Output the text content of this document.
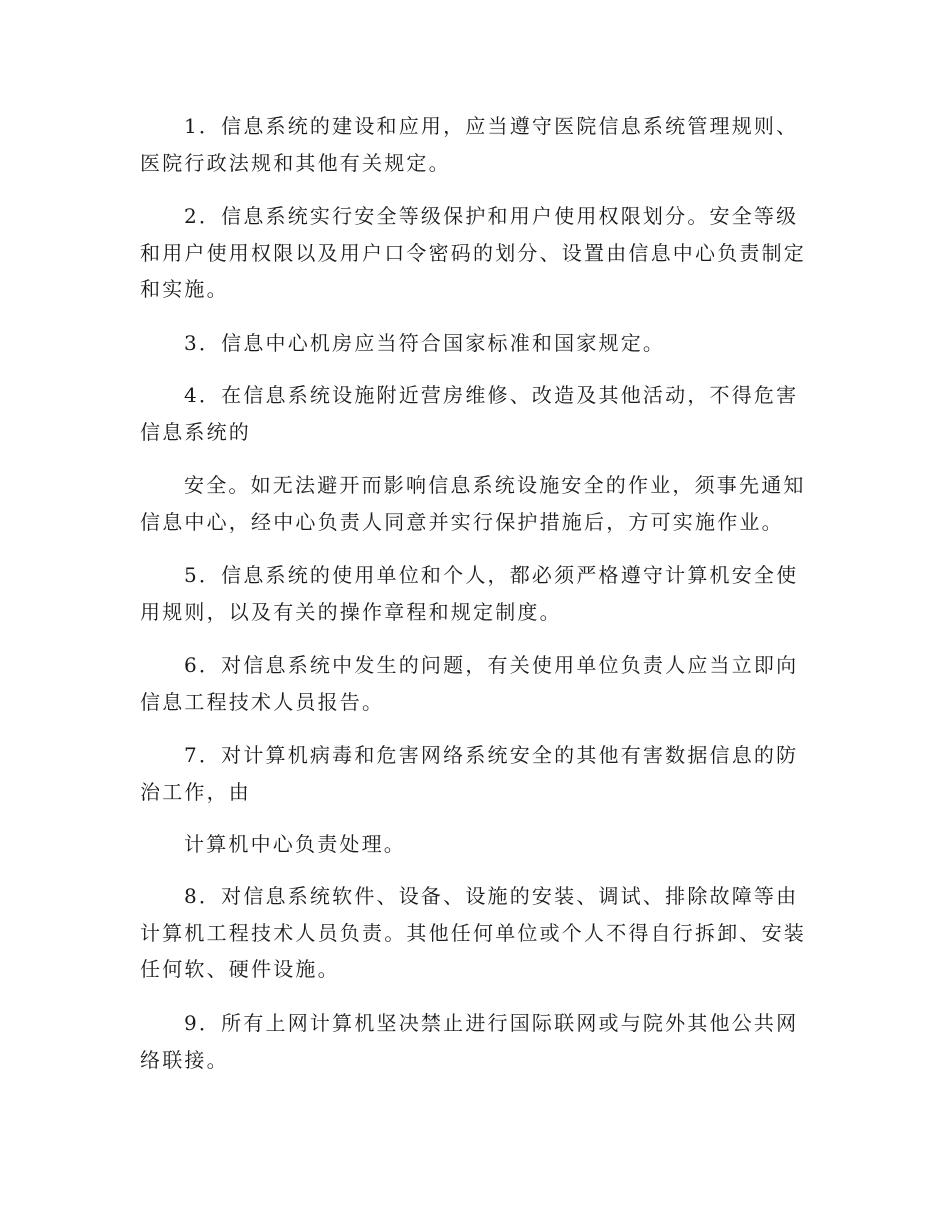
1．信息系统的建设和应用，应当遵守医院信息系统管理规则、医院行政法规和其他有关规定。

2．信息系统实行安全等级保护和用户使用权限划分。安全等级和用户使用权限以及用户口令密码的划分、设置由信息中心负责制定和实施。

3．信息中心机房应当符合国家标准和国家规定。

4．在信息系统设施附近营房维修、改造及其他活动，不得危害信息系统的

安全。如无法避开而影响信息系统设施安全的作业，须事先通知信息中心，经中心负责人同意并实行保护措施后，方可实施作业。

5．信息系统的使用单位和个人，都必须严格遵守计算机安全使用规则，以及有关的操作章程和规定制度。

6．对信息系统中发生的问题，有关使用单位负责人应当立即向信息工程技术人员报告。

7．对计算机病毒和危害网络系统安全的其他有害数据信息的防治工作，由

计算机中心负责处理。

8．对信息系统软件、设备、设施的安装、调试、排除故障等由计算机工程技术人员负责。其他任何单位或个人不得自行拆卸、安装任何软、硬件设施。

9．所有上网计算机坚决禁止进行国际联网或与院外其他公共网络联接。
